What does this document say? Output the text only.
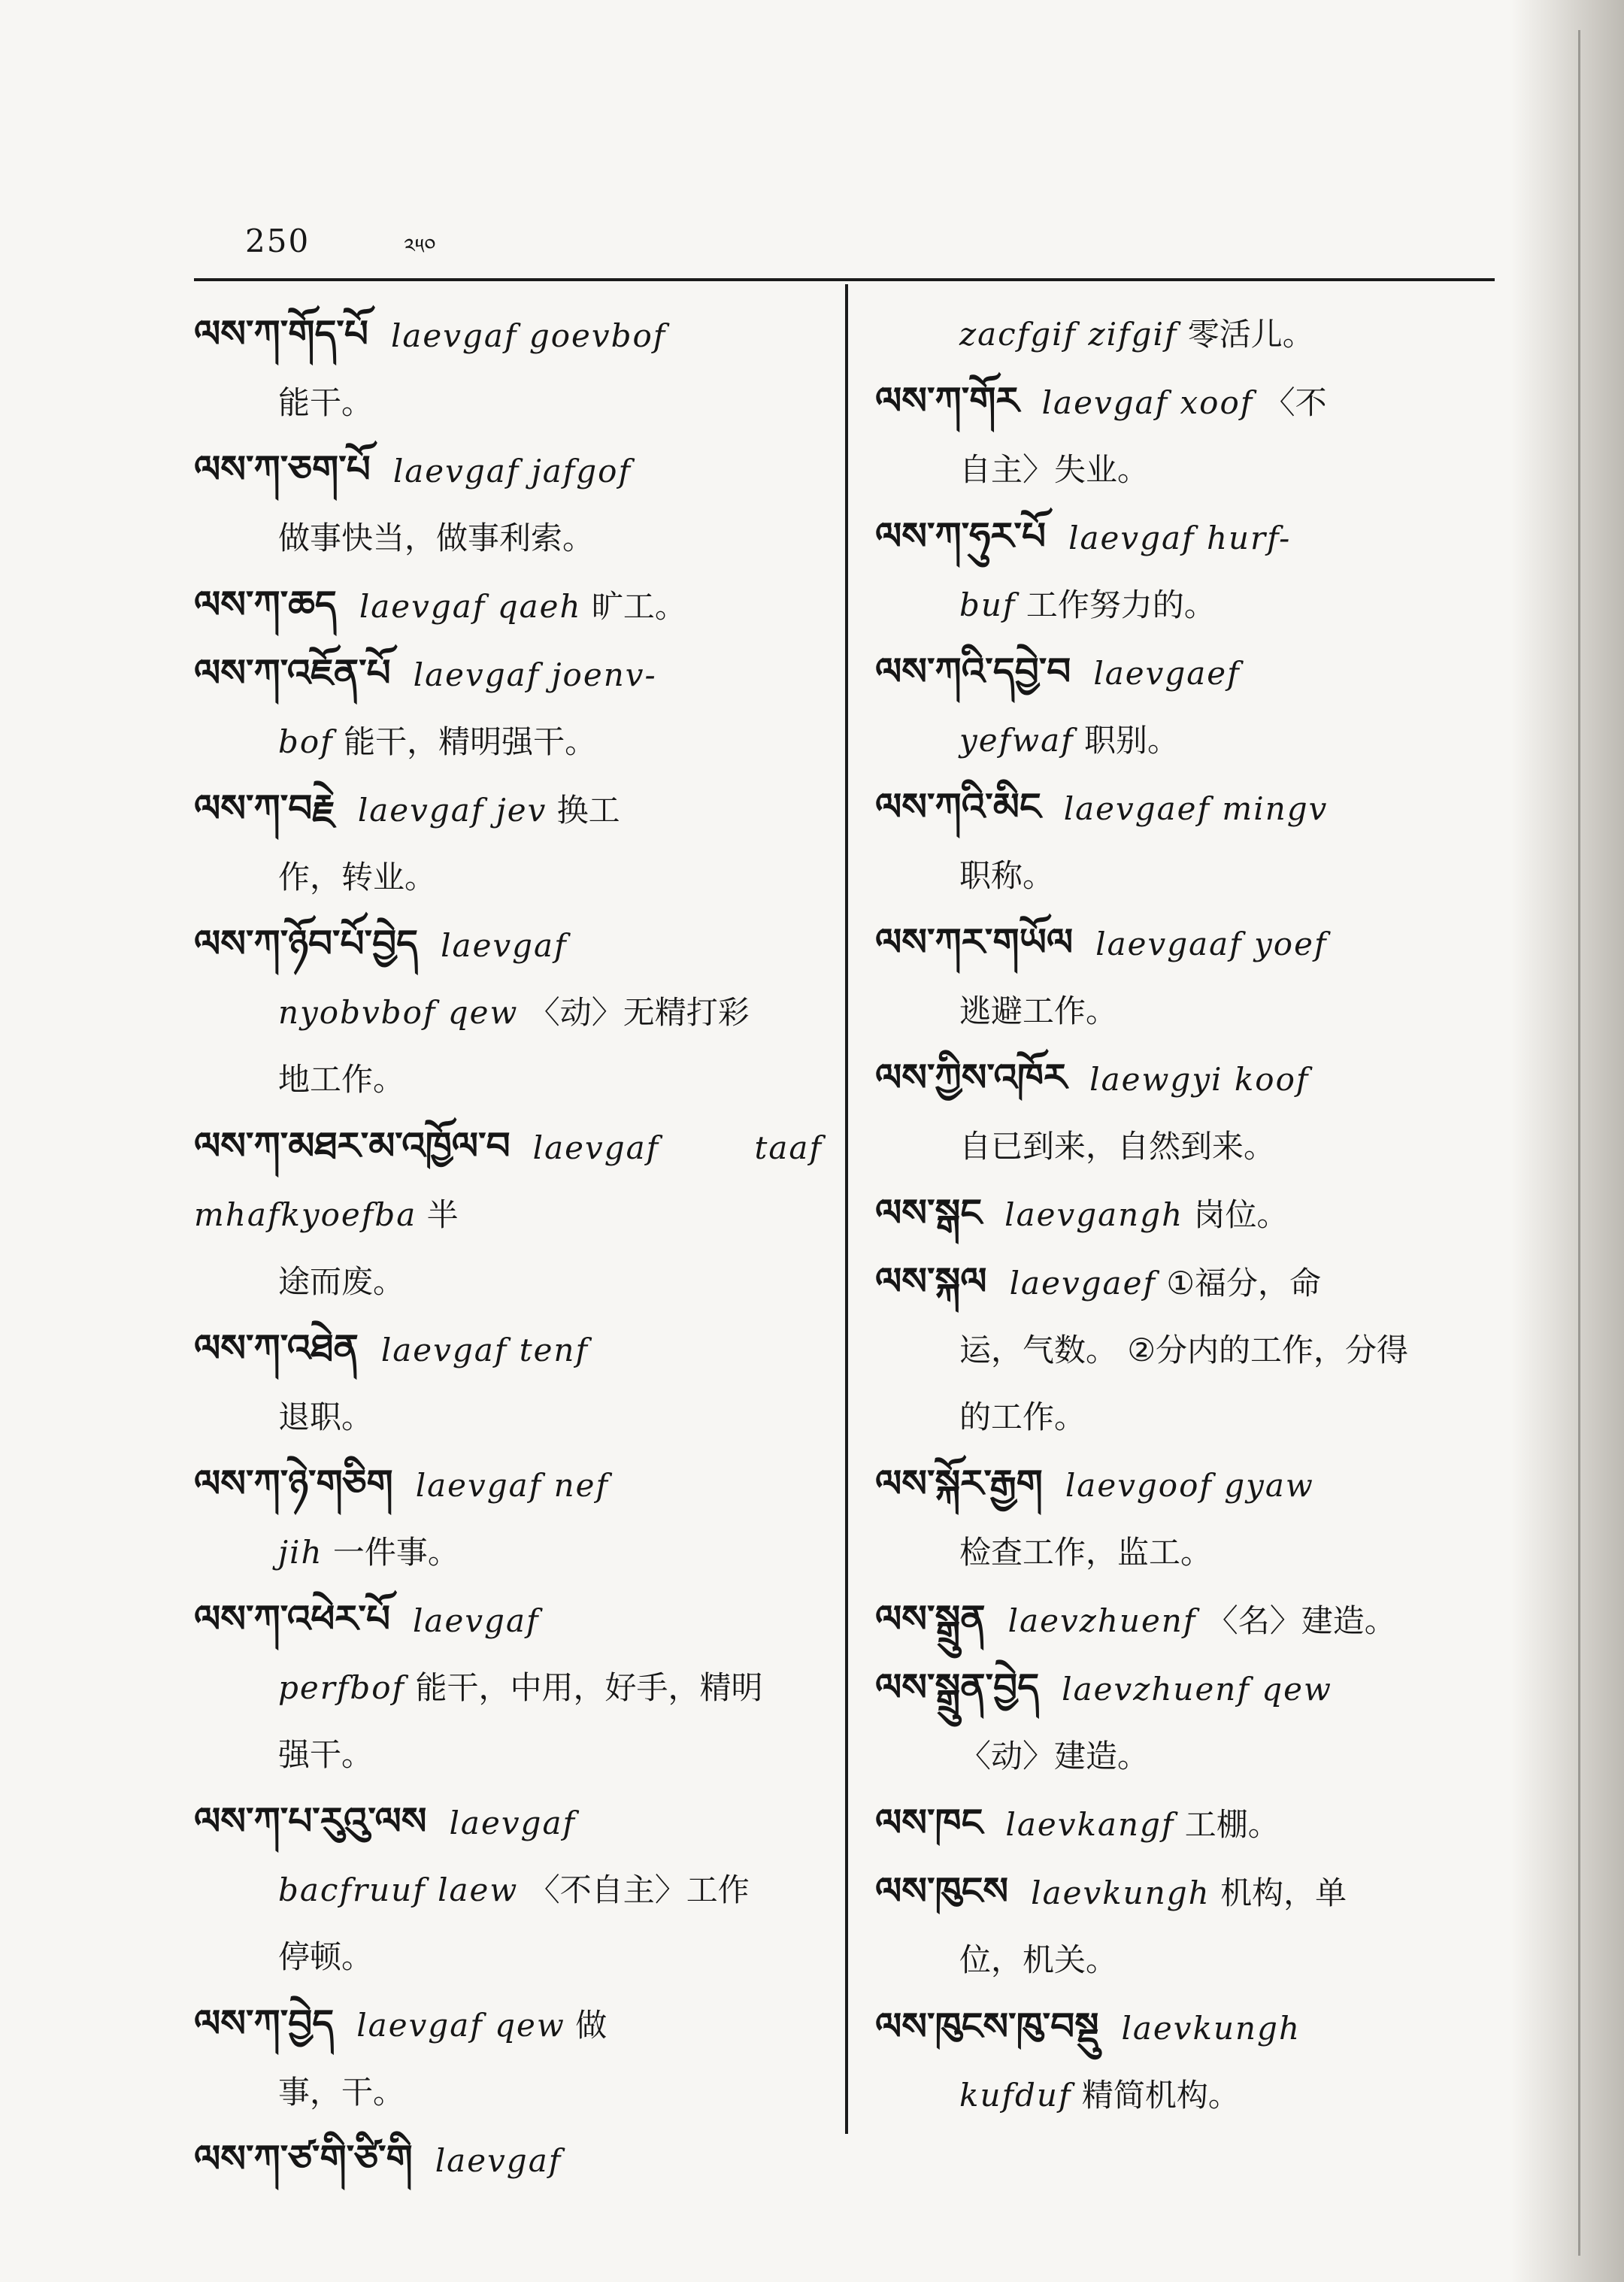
250	༢༥༠

ལས་ཀ་གོད་པོ laevgaf goevbof

能干。

ལས་ཀ་ཅག་པོ laevgaf jafgof

做事快当，做事利索。

ལས་ཀ་ཆད laevgaf qaeh 旷工。

ལས་ཀ་འཇོན་པོ laevgaf joenv-

bof 能干，精明强干。

ལས་ཀ་བརྗེ laevgaf jev 换工

作，转业。

ལས་ཀ་ཉོབ་པོ་བྱེད laevgaf

nyobvbof qew 〈动〉无精打彩

地工作。

ལས་ཀ་མཐར་མ་འཁྱོལ་བ laevgaf taaf mhafkyoefba 半

途而废。

ལས་ཀ་འཐེན laevgaf tenf

退职。

ལས་ཀ་ཉེ་གཅིག laevgaf nef

jih 一件事。

ལས་ཀ་འཕེར་པོ laevgaf

perfbof 能干，中用，好手，精明

强干。

ལས་ཀ་པ་རུའུ་ལས laevgaf

bacfruuf laew 〈不自主〉工作

停顿。

ལས་ཀ་བྱེད laevgaf qew 做

事，干。

ལས་ཀ་ཙ་གི་ཙི་གི laevgaf

zacfgif zifgif 零活儿。

ལས་ཀ་གོར laevgaf xoof 〈不

自主〉失业。

ལས་ཀ་ཧུར་པོ laevgaf hurf-

buf 工作努力的。

ལས་ཀའི་དབྱེ་བ laevgaef

yefwaf 职别。

ལས་ཀའི་མིང laevgaef mingv

职称。

ལས་ཀར་གཡོལ laevgaaf yoef

逃避工作。

ལས་ཀྱིས་འཁོར laewgyi koof

自已到来，自然到来。

ལས་སྒང laevgangh 岗位。

ལས་སྐལ laevgaef ①福分，命

运，气数。 ②分内的工作，分得

的工作。

ལས་སྐོར་རྒྱག laevgoof gyaw

检查工作，监工。

ལས་སྒྲུན laevzhuenf 〈名〉建造。

ལས་སྒྲུན་བྱེད laevzhuenf qew

〈动〉建造。

ལས་ཁང laevkangf 工棚。

ལས་ཁུངས laevkungh 机构，单

位，机关。

ལས་ཁུངས་ཁུ་བསྡུ laevkungh

kufduf 精简机构。
